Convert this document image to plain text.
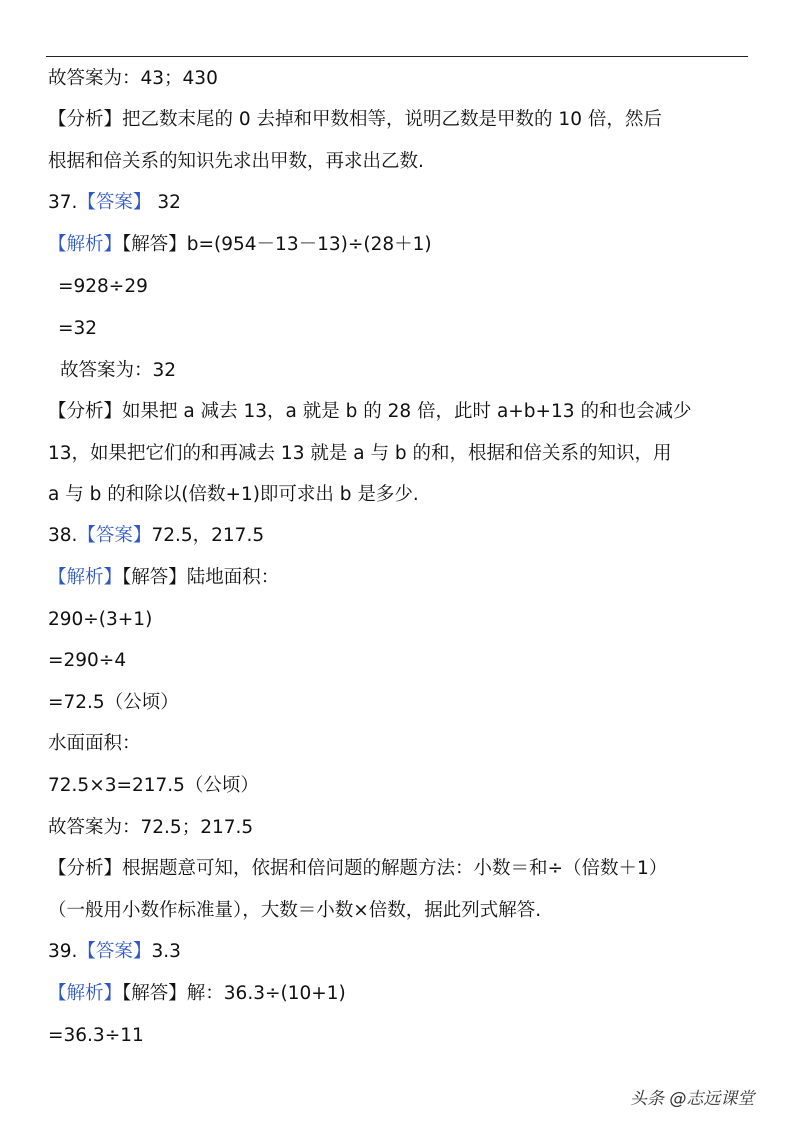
故答案为：43；430
【分析】把乙数末尾的 0 去掉和甲数相等，说明乙数是甲数的 10 倍，然后
根据和倍关系的知识先求出甲数，再求出乙数.
37.【答案】 32
【解析】【解答】b=(954－13－13)÷(28＋1)
=928÷29
=32
故答案为：32
【分析】如果把 a 减去 13，a 就是 b 的 28 倍，此时 a+b+13 的和也会减少
13，如果把它们的和再减去 13 就是 a 与 b 的和，根据和倍关系的知识，用
a 与 b 的和除以(倍数+1)即可求出 b 是多少.
38.【答案】72.5，217.5
【解析】【解答】陆地面积：
290÷(3+1)
=290÷4
=72.5（公顷）
水面面积：
72.5×3=217.5（公顷）
故答案为：72.5；217.5
【分析】根据题意可知，依据和倍问题的解题方法：小数＝和÷（倍数＋1）
（一般用小数作标准量），大数＝小数×倍数，据此列式解答.
39.【答案】3.3
【解析】【解答】解：36.3÷(10+1)
=36.3÷11
头条 @志远课堂
